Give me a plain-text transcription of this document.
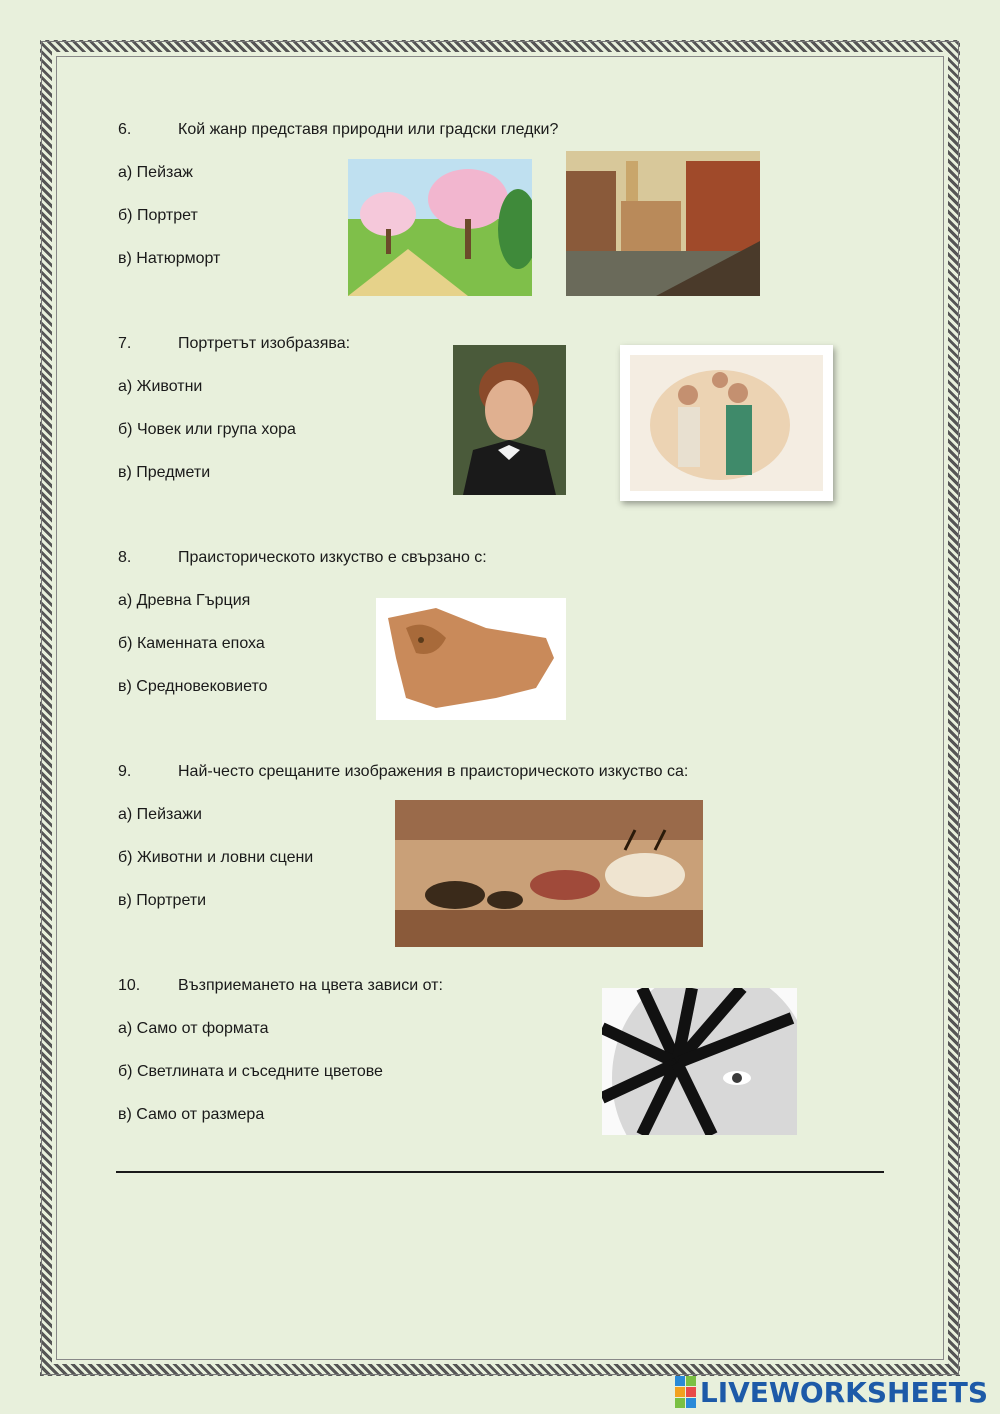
6.	Кой жанр представя природни или градски гледки?
а) Пейзаж
б) Портрет
в) Натюрморт
7.	Портретът изобразява:
а) Животни
б) Човек или група хора
в) Предмети
8.	Праисторическото изкуство е свързано с:
а) Древна Гърция
б) Каменната епоха
в) Средновековието
9.	Най-често срещаните изображения в праисторическото изкуство са:
а) Пейзажи
б) Животни и ловни сцени
в) Портрети
10. Възприемането на цвета зависи от:
а) Само от формата
б) Светлината и съседните цветове
в) Само от размера
LIVEWORKSHEETS
